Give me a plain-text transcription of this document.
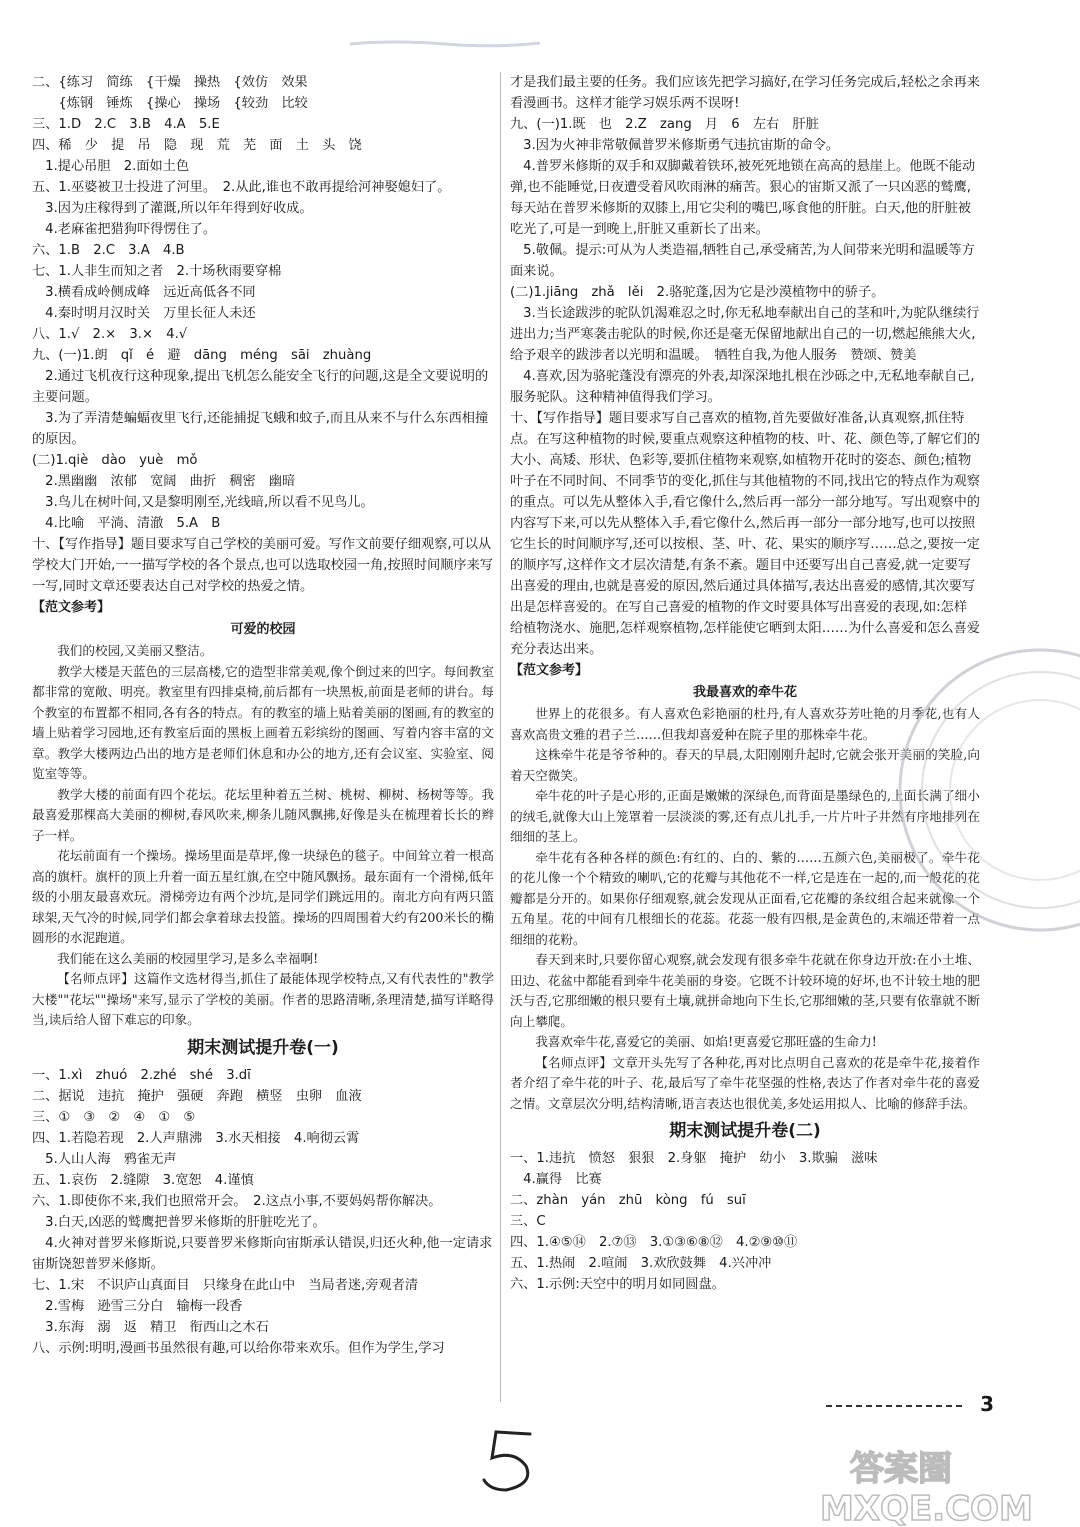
二、{练习　简练　{干燥　操热　{效仿　效果
　　{炼钢　锤炼　{操心　操场　{较劲　比较
三、1.D　2.C　3.B　4.A　5.E
四、稀　少　提　吊　隐　现　荒　芜　面　土　头　饶
　1.提心吊胆　2.面如土色
五、1.巫婆被卫士投进了河里。　2.从此,谁也不敢再提给河神娶媳妇了。
　3.因为庄稼得到了灌溉,所以年年得到好收成。
　4.老麻雀把猎狗吓得愣住了。
六、1.B　2.C　3.A　4.B
七、1.人非生而知之者　2.十场秋雨要穿棉
　3.横看成岭侧成峰　远近高低各不同
　4.秦时明月汉时关　万里长征人未还
八、1.√　2.×　3.×　4.√
九、(一)1.朗　qǐ　é　避　dāng　méng　sāi　zhuàng
　2.通过飞机夜行这种现象,提出飞机怎么能安全飞行的问题,这是全文要说明的主要问题。
　3.为了弄清楚蝙蝠夜里飞行,还能捕捉飞蛾和蚊子,而且从来不与什么东西相撞的原因。
(二)1.qiè　dào　yuè　mǒ
　2.黑幽幽　浓郁　宽阔　曲折　稠密　幽暗
　3.鸟儿在树叶间,又是黎明刚至,光线暗,所以看不见鸟儿。
　4.比喻　平淌、清澈　5.A　B
十、【写作指导】题目要求写自己学校的美丽可爱。写作文前要仔细观察,可以从学校大门开始,一一描写学校的各个景点,也可以选取校园一角,按照时间顺序来写一写,同时文章还要表达自己对学校的热爱之情。
【范文参考】
可爱的校园
我们的校园,又美丽又整洁。
教学大楼是天蓝色的三层高楼,它的造型非常美观,像个倒过来的凹字。每间教室都非常的宽敞、明亮。教室里有四排桌椅,前后都有一块黑板,前面是老师的讲台。每个教室的布置都不相同,各有各的特点。有的教室的墙上贴着美丽的图画,有的教室的墙上贴着学习园地,还有教室后面的黑板上画着五彩缤纷的图画、写着内容丰富的文章。教学大楼两边凸出的地方是老师们休息和办公的地方,还有会议室、实验室、阅览室等等。
教学大楼的前面有四个花坛。花坛里种着五兰树、桃树、柳树、杨树等等。我最喜爱那棵高大美丽的柳树,春风吹来,柳条儿随风飘拂,好像是头在梳理着长长的辫子一样。
花坛前面有一个操场。操场里面是草坪,像一块绿色的毯子。中间耸立着一根高高的旗杆。旗杆的顶上升着一面五星红旗,在空中随风飘扬。最东面有一个滑梯,低年级的小朋友最喜欢玩。滑梯旁边有两个沙坑,是同学们跳远用的。南北方向有两只篮球架,天气冷的时候,同学们都会拿着球去投篮。操场的四周围着大约有200米长的椭圆形的水泥跑道。
我们能在这么美丽的校园里学习,是多么幸福啊!
【名师点评】这篇作文选材得当,抓住了最能体现学校特点,又有代表性的"教学大楼""花坛""操场"来写,显示了学校的美丽。作者的思路清晰,条理清楚,描写详略得当,读后给人留下难忘的印象。
期末测试提升卷(一)
一、1.xì　zhuó　2.zhé　shé　3.dī
二、据说　违抗　掩护　强硬　奔跑　横竖　虫卵　血液
三、①　③　②　④　①　⑤
四、1.若隐若现　2.人声鼎沸　3.水天相接　4.响彻云霄
　5.人山人海　鸦雀无声
五、1.哀伤　2.缝隙　3.宽恕　4.谨慎
六、1.即使你不来,我们也照常开会。　2.这点小事,不要妈妈帮你解决。
　3.白天,凶恶的鹫鹰把普罗米修斯的肝脏吃光了。
　4.火神对普罗米修斯说,只要普罗米修斯向宙斯承认错误,归还火种,他一定请求宙斯饶恕普罗米修斯。
七、1.宋　不识庐山真面目　只缘身在此山中　当局者迷,旁观者清
　2.雪梅　逊雪三分白　输梅一段香
　3.东海　溺　返　精卫　衔西山之木石
八、示例:明明,漫画书虽然很有趣,可以给你带来欢乐。但作为学生,学习
才是我们最主要的任务。我们应该先把学习搞好,在学习任务完成后,轻松之余再来看漫画书。这样才能学习娱乐两不误呀!
九、(一)1.既　也　2.Z　zang　月　6　左右　肝脏
　3.因为火神非常敬佩普罗米修斯勇气违抗宙斯的命令。
　4.普罗米修斯的双手和双脚戴着铁环,被死死地锁在高高的悬崖上。他既不能动弹,也不能睡觉,日夜遭受着风吹雨淋的痛苦。狠心的宙斯又派了一只凶恶的鹫鹰,每天站在普罗米修斯的双膝上,用它尖利的嘴巴,啄食他的肝脏。白天,他的肝脏被吃光了,可是一到晚上,肝脏又重新长了出来。
　5.敬佩。提示:可从为人类造福,牺牲自己,承受痛苦,为人间带来光明和温暖等方面来说。
(二)1.jiāng　zhǎ　lěi　2.骆驼蓬,因为它是沙漠植物中的骄子。
　3.当长途跋涉的驼队饥渴难忍之时,你无私地奉献出自己的茎和叶,为驼队继续行进出力;当严寒袭击驼队的时候,你还是毫无保留地献出自己的一切,燃起熊熊大火,给予艰辛的跋涉者以光明和温暖。　牺牲自我,为他人服务　赞颂、赞美
　4.喜欢,因为骆驼蓬没有漂亮的外表,却深深地扎根在沙砾之中,无私地奉献自己,服务驼队。这种精神值得我们学习。
十、【写作指导】题目要求写自己喜欢的植物,首先要做好准备,认真观察,抓住特点。在写这种植物的时候,要重点观察这种植物的枝、叶、花、颜色等,了解它们的大小、高矮、形状、色彩等,要抓住植物来观察,如植物开花时的姿态、颜色;植物叶子在不同时间、不同季节的变化,抓住与其他植物的不同,找出它的特点作为观察的重点。可以先从整体入手,看它像什么,然后再一部分一部分地写。写出观察中的内容写下来,可以先从整体入手,看它像什么,然后再一部分一部分地写,也可以按照它生长的时间顺序写,还可以按根、茎、叶、花、果实的顺序写……总之,要按一定的顺序写,这样作文才层次清楚,有条不紊。题目中还要写出自己喜爱,就一定要写出喜爱的理由,也就是喜爱的原因,然后通过具体描写,表达出喜爱的感情,其次要写出是怎样喜爱的。在写自己喜爱的植物的作文时要具体写出喜爱的表现,如:怎样给植物浇水、施肥,怎样观察植物,怎样能使它晒到太阳……为什么喜爱和怎么喜爱充分表达出来。
【范文参考】
我最喜欢的牵牛花
世界上的花很多。有人喜欢色彩艳丽的杜丹,有人喜欢芬芳吐艳的月季花,也有人喜欢高贵文雅的君子兰……但我却喜爱种在院子里的那株牵牛花。
这株牵牛花是爷爷种的。春天的早晨,太阳刚刚升起时,它就会张开美丽的笑脸,向着天空微笑。
牵牛花的叶子是心形的,正面是嫩嫩的深绿色,而背面是墨绿色的,上面长满了细小的绒毛,就像大山上笼罩着一层淡淡的雾,还有点儿扎手,一片片叶子井然有序地排列在细细的茎上。
牵牛花有各种各样的颜色:有红的、白的、紫的……五颜六色,美丽极了。牵牛花的花儿像一个个精致的喇叭,它的花瓣与其他花不一样,它是连在一起的,而一般花的花瓣都是分开的。如果你仔细观察,就会发现从正面看,它花瓣的条纹组合起来就像一个五角星。花的中间有几根细长的花蕊。花蕊一般有四根,是金黄色的,末端还带着一点细细的花粉。
春天到来时,只要你留心观察,就会发现有很多牵牛花就在你身边开放:在小土堆、田边、花盆中都能看到牵牛花美丽的身姿。它既不计较环境的好坏,也不计较土地的肥沃与否,它那细嫩的根只要有土壤,就拼命地向下生长,它那细嫩的茎,只要有依靠就不断向上攀爬。
我喜欢牵牛花,喜爱它的美丽、如焰!更喜爱它那旺盛的生命力!
【名师点评】文章开头先写了各种花,再对比点明自己喜欢的花是牵牛花,接着作者介绍了牵牛花的叶子、花,最后写了牵牛花坚强的性格,表达了作者对牵牛花的喜爱之情。文章层次分明,结构清晰,语言表达也很优美,多处运用拟人、比喻的修辞手法。
期末测试提升卷(二)
一、1.违抗　愤怒　狠狠　2.身躯　掩护　幼小　3.欺骗　滋味
　4.赢得　比赛
二、zhàn　yán　zhū　kòng　fú　suī
三、C
四、1.④⑤⑭　2.⑦⑬　3.①③⑥⑧⑫　4.②⑨⑩⑪
五、1.热闹　2.喧闹　3.欢欣鼓舞　4.兴冲冲
六、1.示例:天空中的明月如同圆盘。
3
答案圈
MXQE.COM
